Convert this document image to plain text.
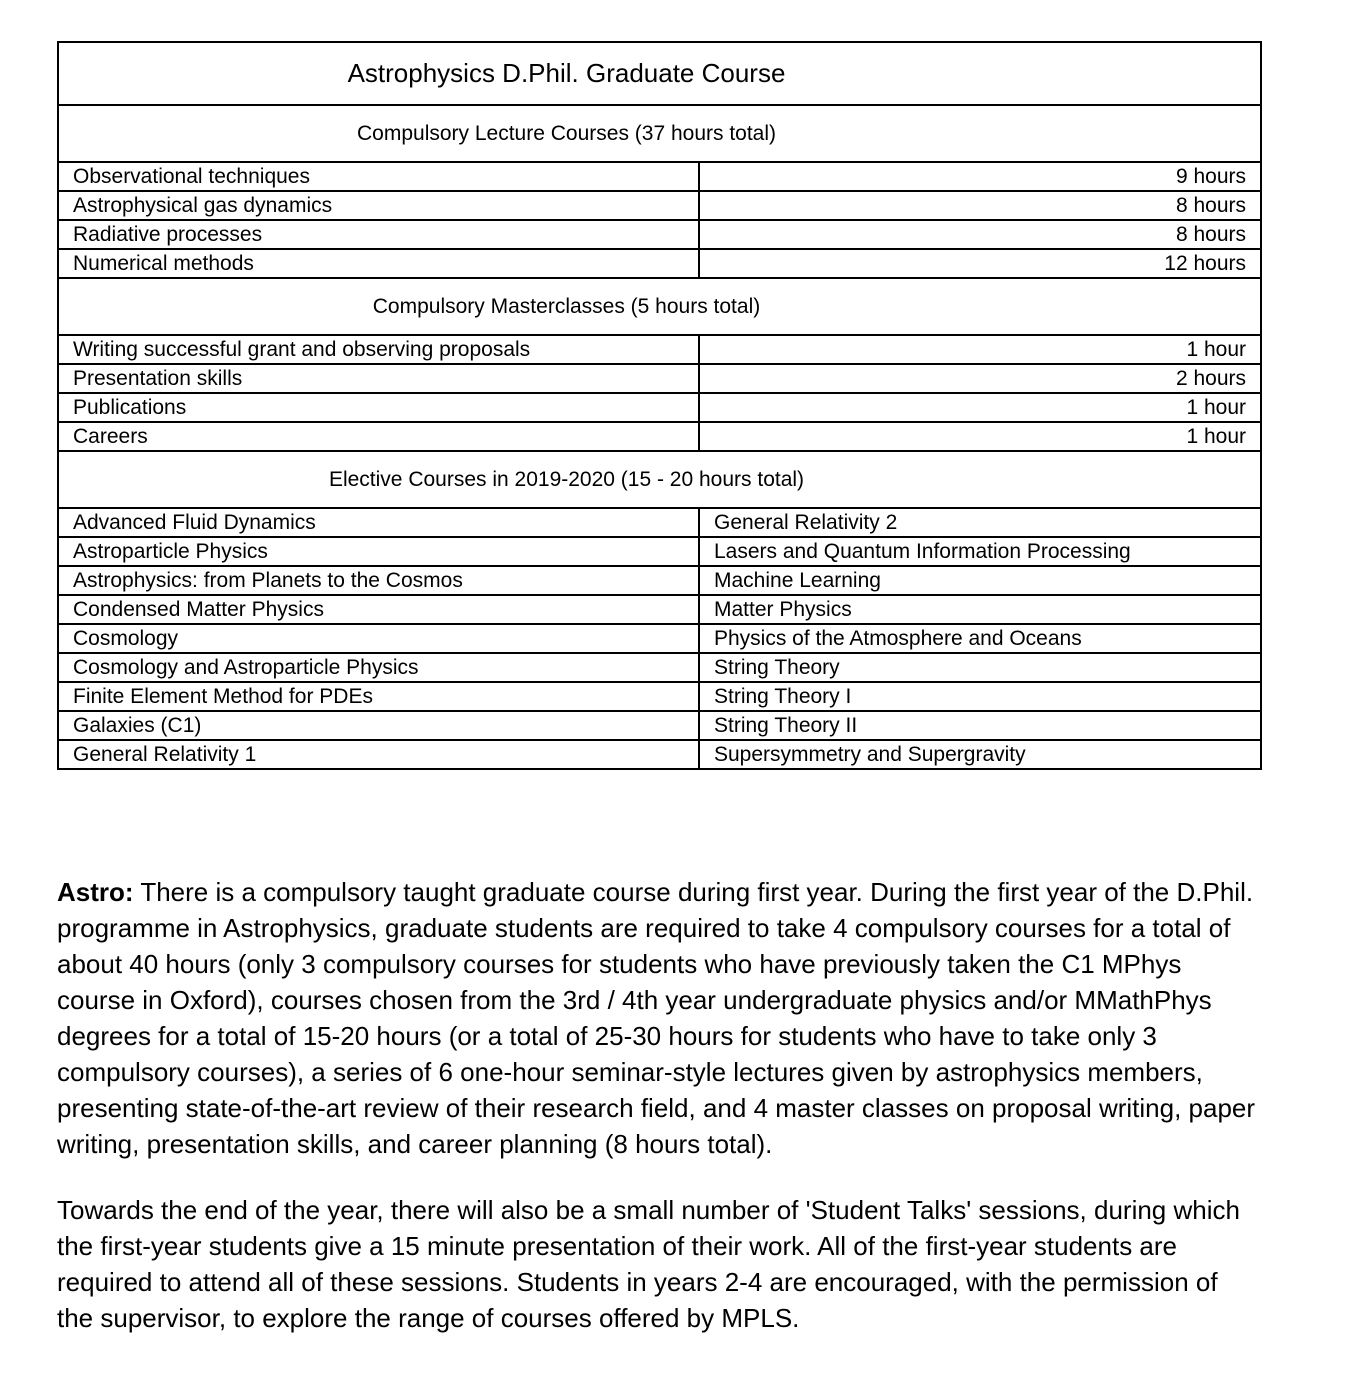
Astrophysics D.Phil. Graduate Course	
Compulsory Lecture Courses (37 hours total)	
Observational techniques	9 hours
Astrophysical gas dynamics	8 hours
Radiative processes	8 hours
Numerical methods	12 hours
Compulsory Masterclasses (5 hours total)	
Writing successful grant and observing proposals	1 hour
Presentation skills	2 hours
Publications	1 hour
Careers	1 hour
Elective Courses in 2019-2020 (15 - 20 hours total)	
Advanced Fluid Dynamics	General Relativity 2
Astroparticle Physics	Lasers and Quantum Information Processing
Astrophysics: from Planets to the Cosmos	Machine Learning
Condensed Matter Physics	Matter Physics
Cosmology	Physics of the Atmosphere and Oceans
Cosmology and Astroparticle Physics	String Theory
Finite Element Method for PDEs	String Theory I
Galaxies (C1)	String Theory II
General Relativity 1	Supersymmetry and Supergravity

Astro: There is a compulsory taught graduate course during first year. During the first year of the D.Phil. programme in Astrophysics, graduate students are required to take 4 compulsory courses for a total of about 40 hours (only 3 compulsory courses for students who have previously taken the C1 MPhys course in Oxford), courses chosen from the 3rd / 4th year undergraduate physics and/or MMathPhys degrees for a total of 15-20 hours (or a total of 25-30 hours for students who have to take only 3 compulsory courses), a series of 6 one-hour seminar-style lectures given by astrophysics members, presenting state-of-the-art review of their research field, and 4 master classes on proposal writing, paper writing, presentation skills, and career planning (8 hours total).

Towards the end of the year, there will also be a small number of 'Student Talks' sessions, during which the first-year students give a 15 minute presentation of their work. All of the first-year students are required to attend all of these sessions. Students in years 2-4 are encouraged, with the permission of the supervisor, to explore the range of courses offered by MPLS.
